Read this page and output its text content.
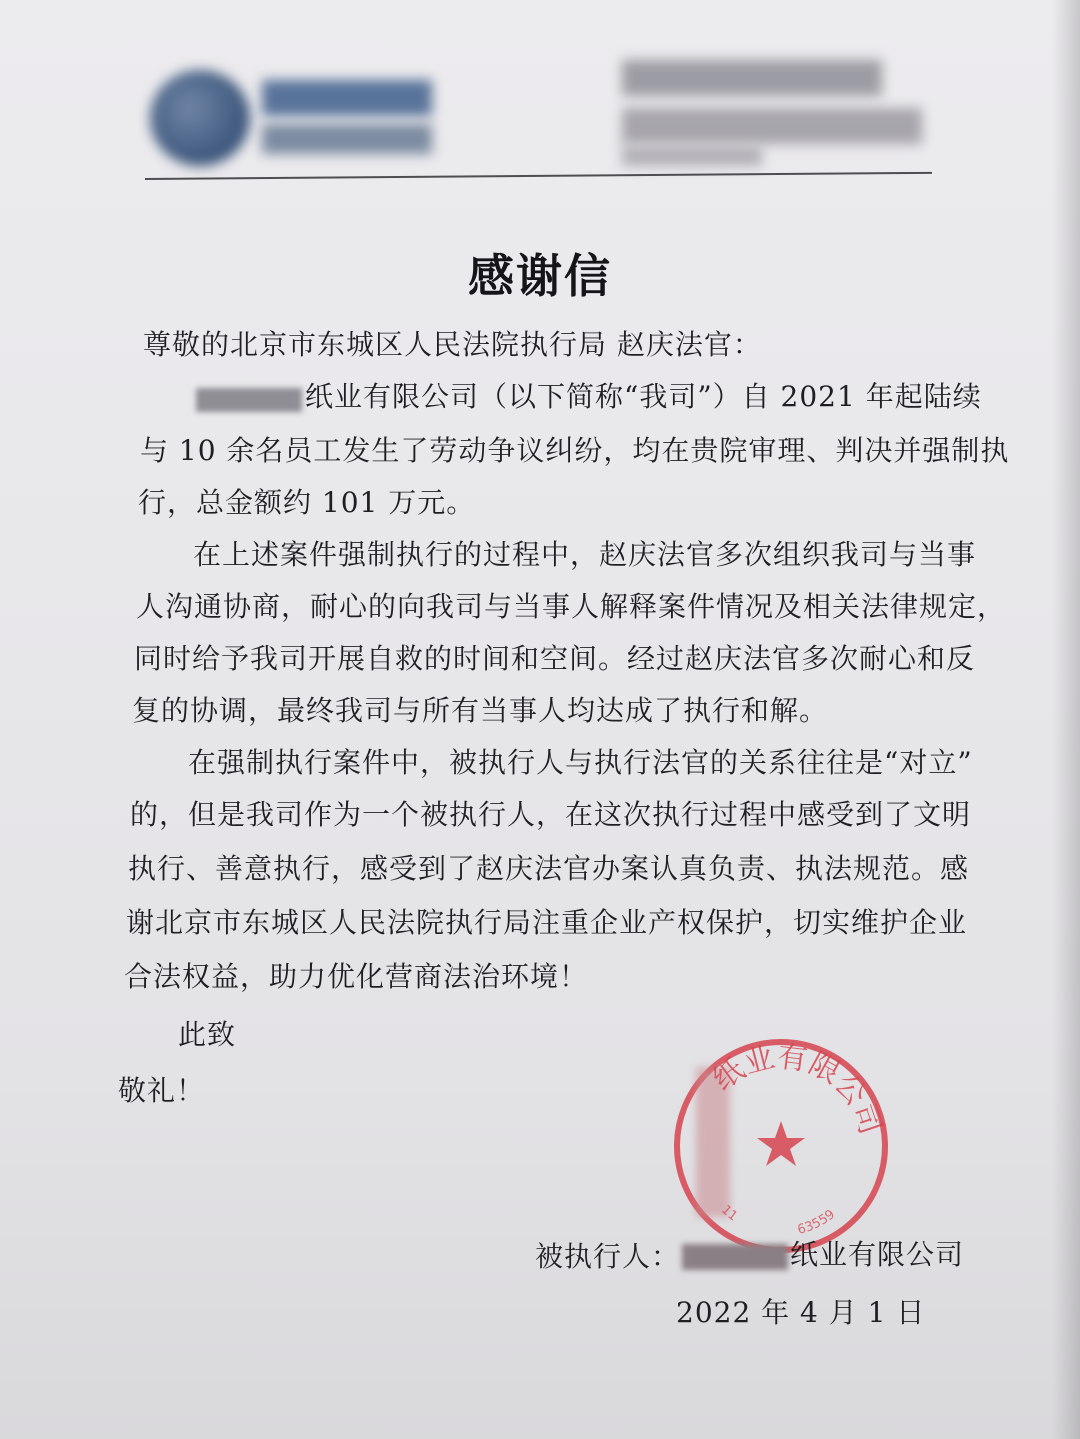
感谢信
尊敬的北京市东城区人民法院执行局 赵庆法官：
纸业有限公司（以下简称“我司”）自 2021 年起陆续
与 10 余名员工发生了劳动争议纠纷，均在贵院审理、判决并强制执
行，总金额约 101 万元。
在上述案件强制执行的过程中，赵庆法官多次组织我司与当事
人沟通协商，耐心的向我司与当事人解释案件情况及相关法律规定，
同时给予我司开展自救的时间和空间。经过赵庆法官多次耐心和反
复的协调，最终我司与所有当事人均达成了执行和解。
在强制执行案件中，被执行人与执行法官的关系往往是“对立”
的，但是我司作为一个被执行人，在这次执行过程中感受到了文明
执行、善意执行，感受到了赵庆法官办案认真负责、执法规范。感
谢北京市东城区人民法院执行局注重企业产权保护，切实维护企业
合法权益，助力优化营商法治环境！
此致
敬礼！	纸业有限公司
11
63559
被执行人：	纸业有限公司
2022 年 4 月 1 日
